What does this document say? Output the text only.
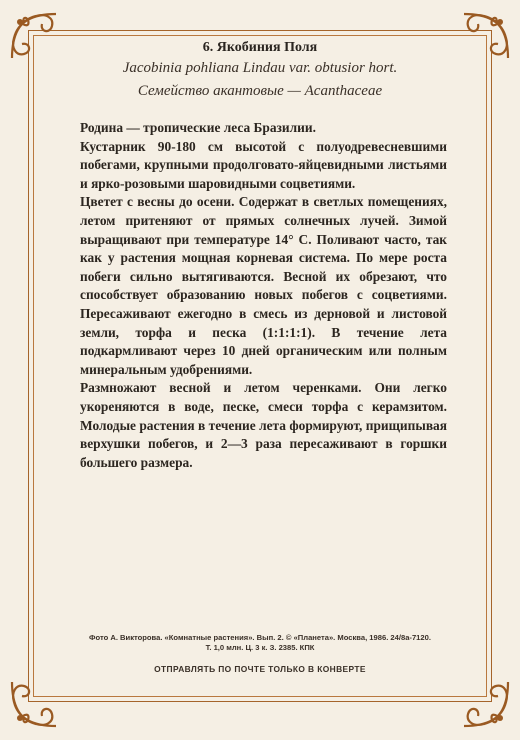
6. Якобиния Поля
Jacobinia pohliana Lindau var. obtusior hort.
Семейство акантовые — Acanthaceae

Родина — тропические леса Бразилии.

Кустарник 90-180 см высотой с полуодревесневшими побегами, крупными продолговато-яйцевидными листьями и ярко-розовыми шаровидными соцветиями.

Цветет с весны до осени. Содержат в светлых помещениях, летом притеняют от прямых солнечных лучей. Зимой выращивают при температуре 14° С. Поливают часто, так как у растения мощная корневая система. По мере роста побеги сильно вытягиваются. Весной их обрезают, что способствует образованию новых побегов с соцветиями. Пересаживают ежегодно в смесь из дерновой и листовой земли, торфа и песка (1:1:1:1). В течение лета подкармливают через 10 дней органическим или полным минеральным удобрениями.

Размножают весной и летом черенками. Они легко укореняются в воде, песке, смеси торфа с керамзитом. Молодые растения в течение лета формируют, прищипывая верхушки побегов, и 2—3 раза пересаживают в горшки большего размера.

Фото А. Викторова. «Комнатные растения». Вып. 2. © «Планета». Москва, 1986. 24/8а-7120.
Т. 1,0 млн. Ц. 3 к. З. 2385. КПК
ОТПРАВЛЯТЬ ПО ПОЧТЕ ТОЛЬКО В КОНВЕРТЕ
